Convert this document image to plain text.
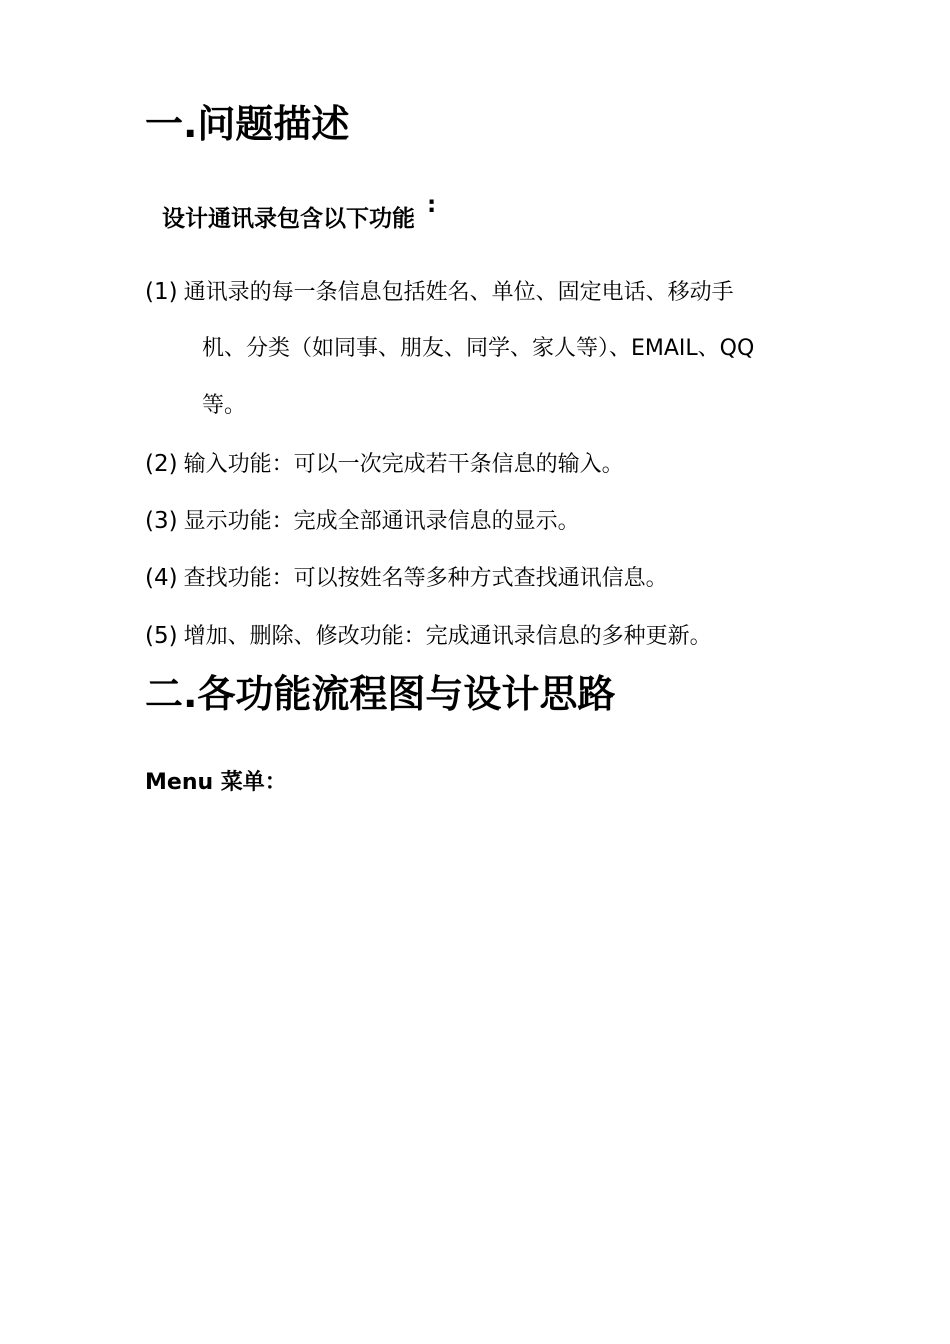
一.问题描述

设计通讯录包含以下功能:

(1) 通讯录的每一条信息包括姓名、单位、固定电话、移动手
机、分类（如同事、朋友、同学、家人等）、EMAIL、QQ
等。
(2) 输入功能：可以一次完成若干条信息的输入。
(3) 显示功能：完成全部通讯录信息的显示。
(4) 查找功能：可以按姓名等多种方式查找通讯信息。
(5) 增加、删除、修改功能：完成通讯录信息的多种更新。
二.各功能流程图与设计思路
Menu 菜单：
